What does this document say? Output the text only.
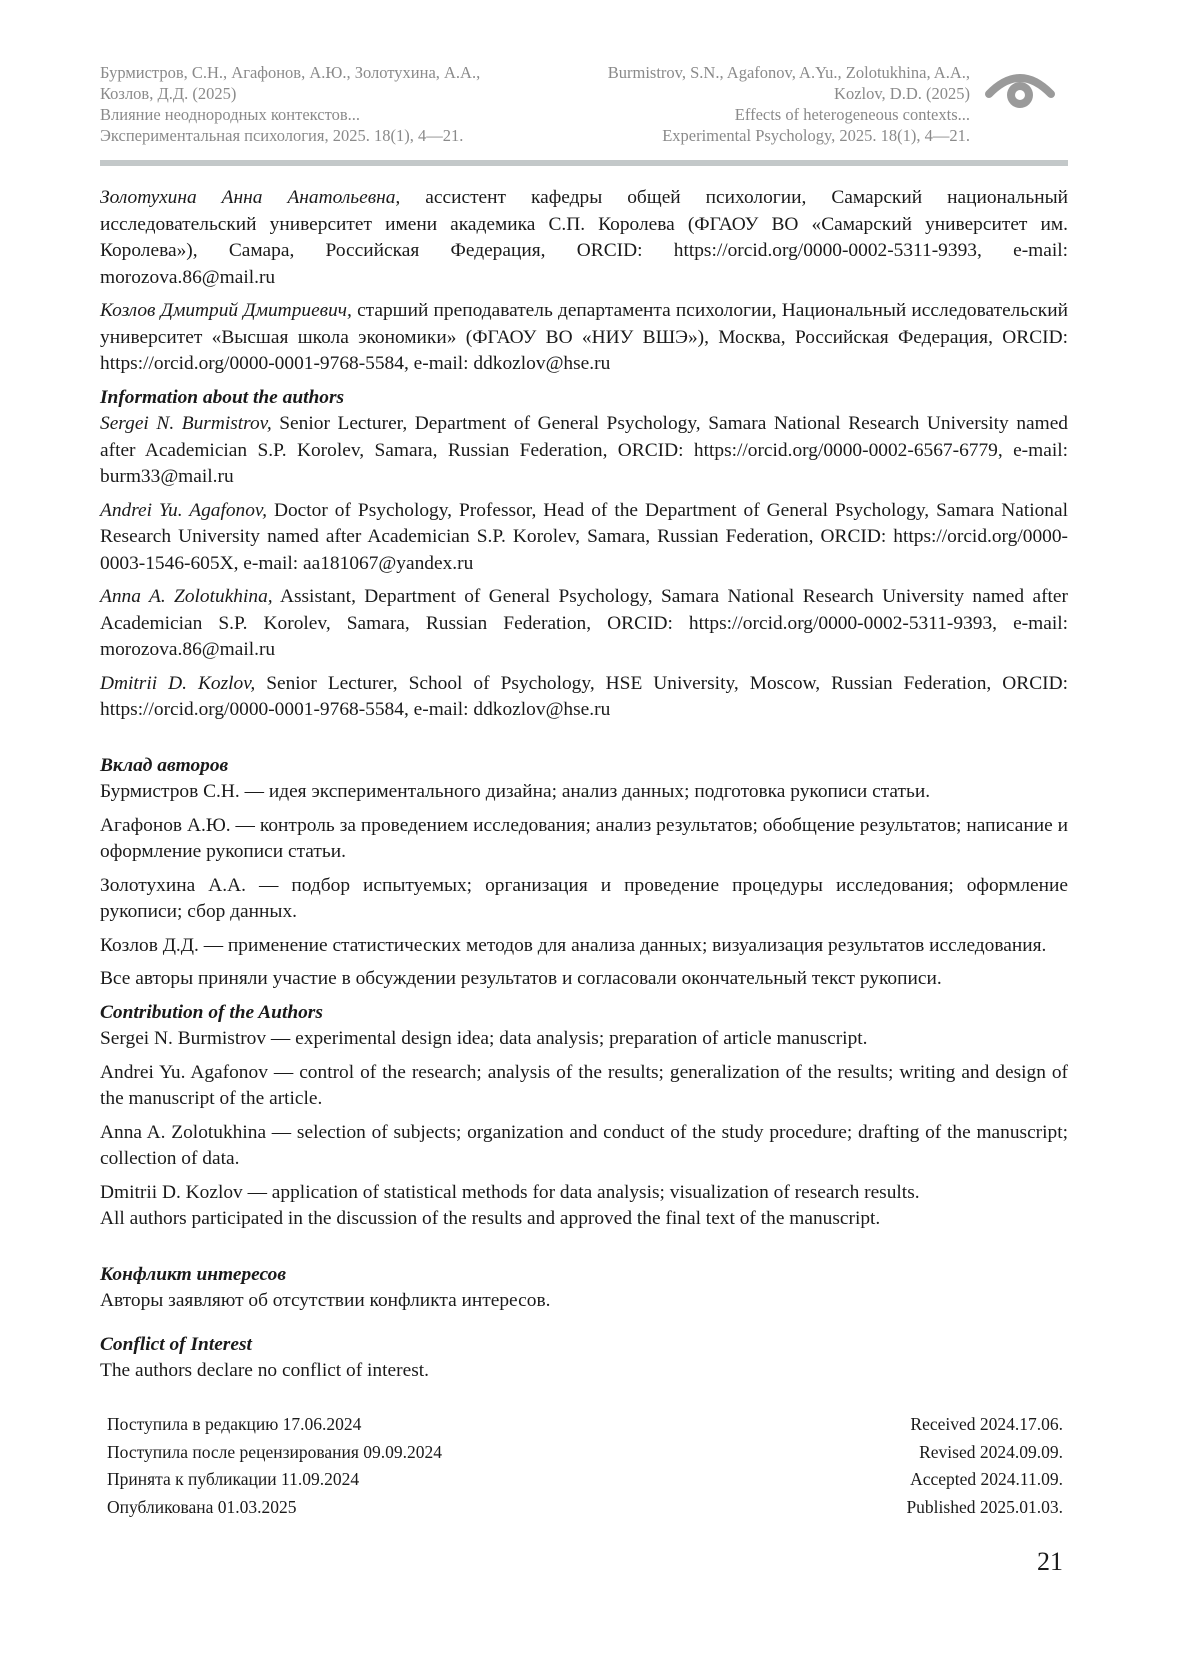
Бурмистров, С.Н., Агафонов, А.Ю., Золотухина, А.А.,
Козлов, Д.Д. (2025)
Влияние неоднородных контекстов...
Экспериментальная психология, 2025. 18(1), 4—21.
Burmistrov, S.N., Agafonov, A.Yu., Zolotukhina, A.A.,
Kozlov, D.D. (2025)
Effects of heterogeneous contexts...
Experimental Psychology, 2025. 18(1), 4—21.

Золотухина Анна Анатольевна, ассистент кафедры общей психологии, Самарский национальный исследовательский университет имени академика С.П. Королева (ФГАОУ ВО «Самарский университет им. Королева»), Самара, Российская Федерация, ORCID: https://orcid.org/0000-0002-5311-9393, e-mail: morozova.86@mail.ru

Козлов Дмитрий Дмитриевич, старший преподаватель департамента психологии, Национальный исследовательский университет «Высшая школа экономики» (ФГАОУ ВО «НИУ ВШЭ»), Москва, Российская Федерация, ORCID: https://orcid.org/0000-0001-9768-5584, e-mail: ddkozlov@hse.ru

Information about the authors

Sergei N. Burmistrov, Senior Lecturer, Department of General Psychology, Samara National Research University named after Academician S.P. Korolev, Samara, Russian Federation, ORCID: https://orcid.org/0000-0002-6567-6779, e-mail: burm33@mail.ru

Andrei Yu. Agafonov, Doctor of Psychology, Professor, Head of the Department of General Psychology, Samara National Research University named after Academician S.P. Korolev, Samara, Russian Federation, ORCID: https://orcid.org/0000-0003-1546-605X, e-mail: aa181067@yandex.ru

Anna A. Zolotukhina, Assistant, Department of General Psychology, Samara National Research University named after Academician S.P. Korolev, Samara, Russian Federation, ORCID: https://orcid.org/0000-0002-5311-9393, e-mail: morozova.86@mail.ru

Dmitrii D. Kozlov, Senior Lecturer, School of Psychology, HSE University, Moscow, Russian Federation, ORCID: https://orcid.org/0000-0001-9768-5584, e-mail: ddkozlov@hse.ru

Вклад авторов

Бурмистров С.Н. — идея экспериментального дизайна; анализ данных; подготовка рукописи статьи.

Агафонов А.Ю. — контроль за проведением исследования; анализ результатов; обобщение результатов; написание и оформление рукописи статьи.

Золотухина А.А. — подбор испытуемых; организация и проведение процедуры исследования; оформление рукописи; сбор данных.

Козлов Д.Д. — применение статистических методов для анализа данных; визуализация результатов исследования.

Все авторы приняли участие в обсуждении результатов и согласовали окончательный текст рукописи.

Contribution of the Authors

Sergei N. Burmistrov — experimental design idea; data analysis; preparation of article manuscript.

Andrei Yu. Agafonov — control of the research; analysis of the results; generalization of the results; writing and design of the manuscript of the article.

Anna A. Zolotukhina — selection of subjects; organization and conduct of the study procedure; drafting of the manuscript; collection of data.

Dmitrii D. Kozlov — application of statistical methods for data analysis; visualization of research results.

All authors participated in the discussion of the results and approved the final text of the manuscript.

Конфликт интересов

Авторы заявляют об отсутствии конфликта интересов.

Conflict of Interest

The authors declare no conflict of interest.

Поступила в редакцию 17.06.2024	Received 2024.17.06.
Поступила после рецензирования 09.09.2024	Revised 2024.09.09.
Принята к публикации 11.09.2024	Accepted 2024.11.09.
Опубликована 01.03.2025	Published 2025.01.03.
21
